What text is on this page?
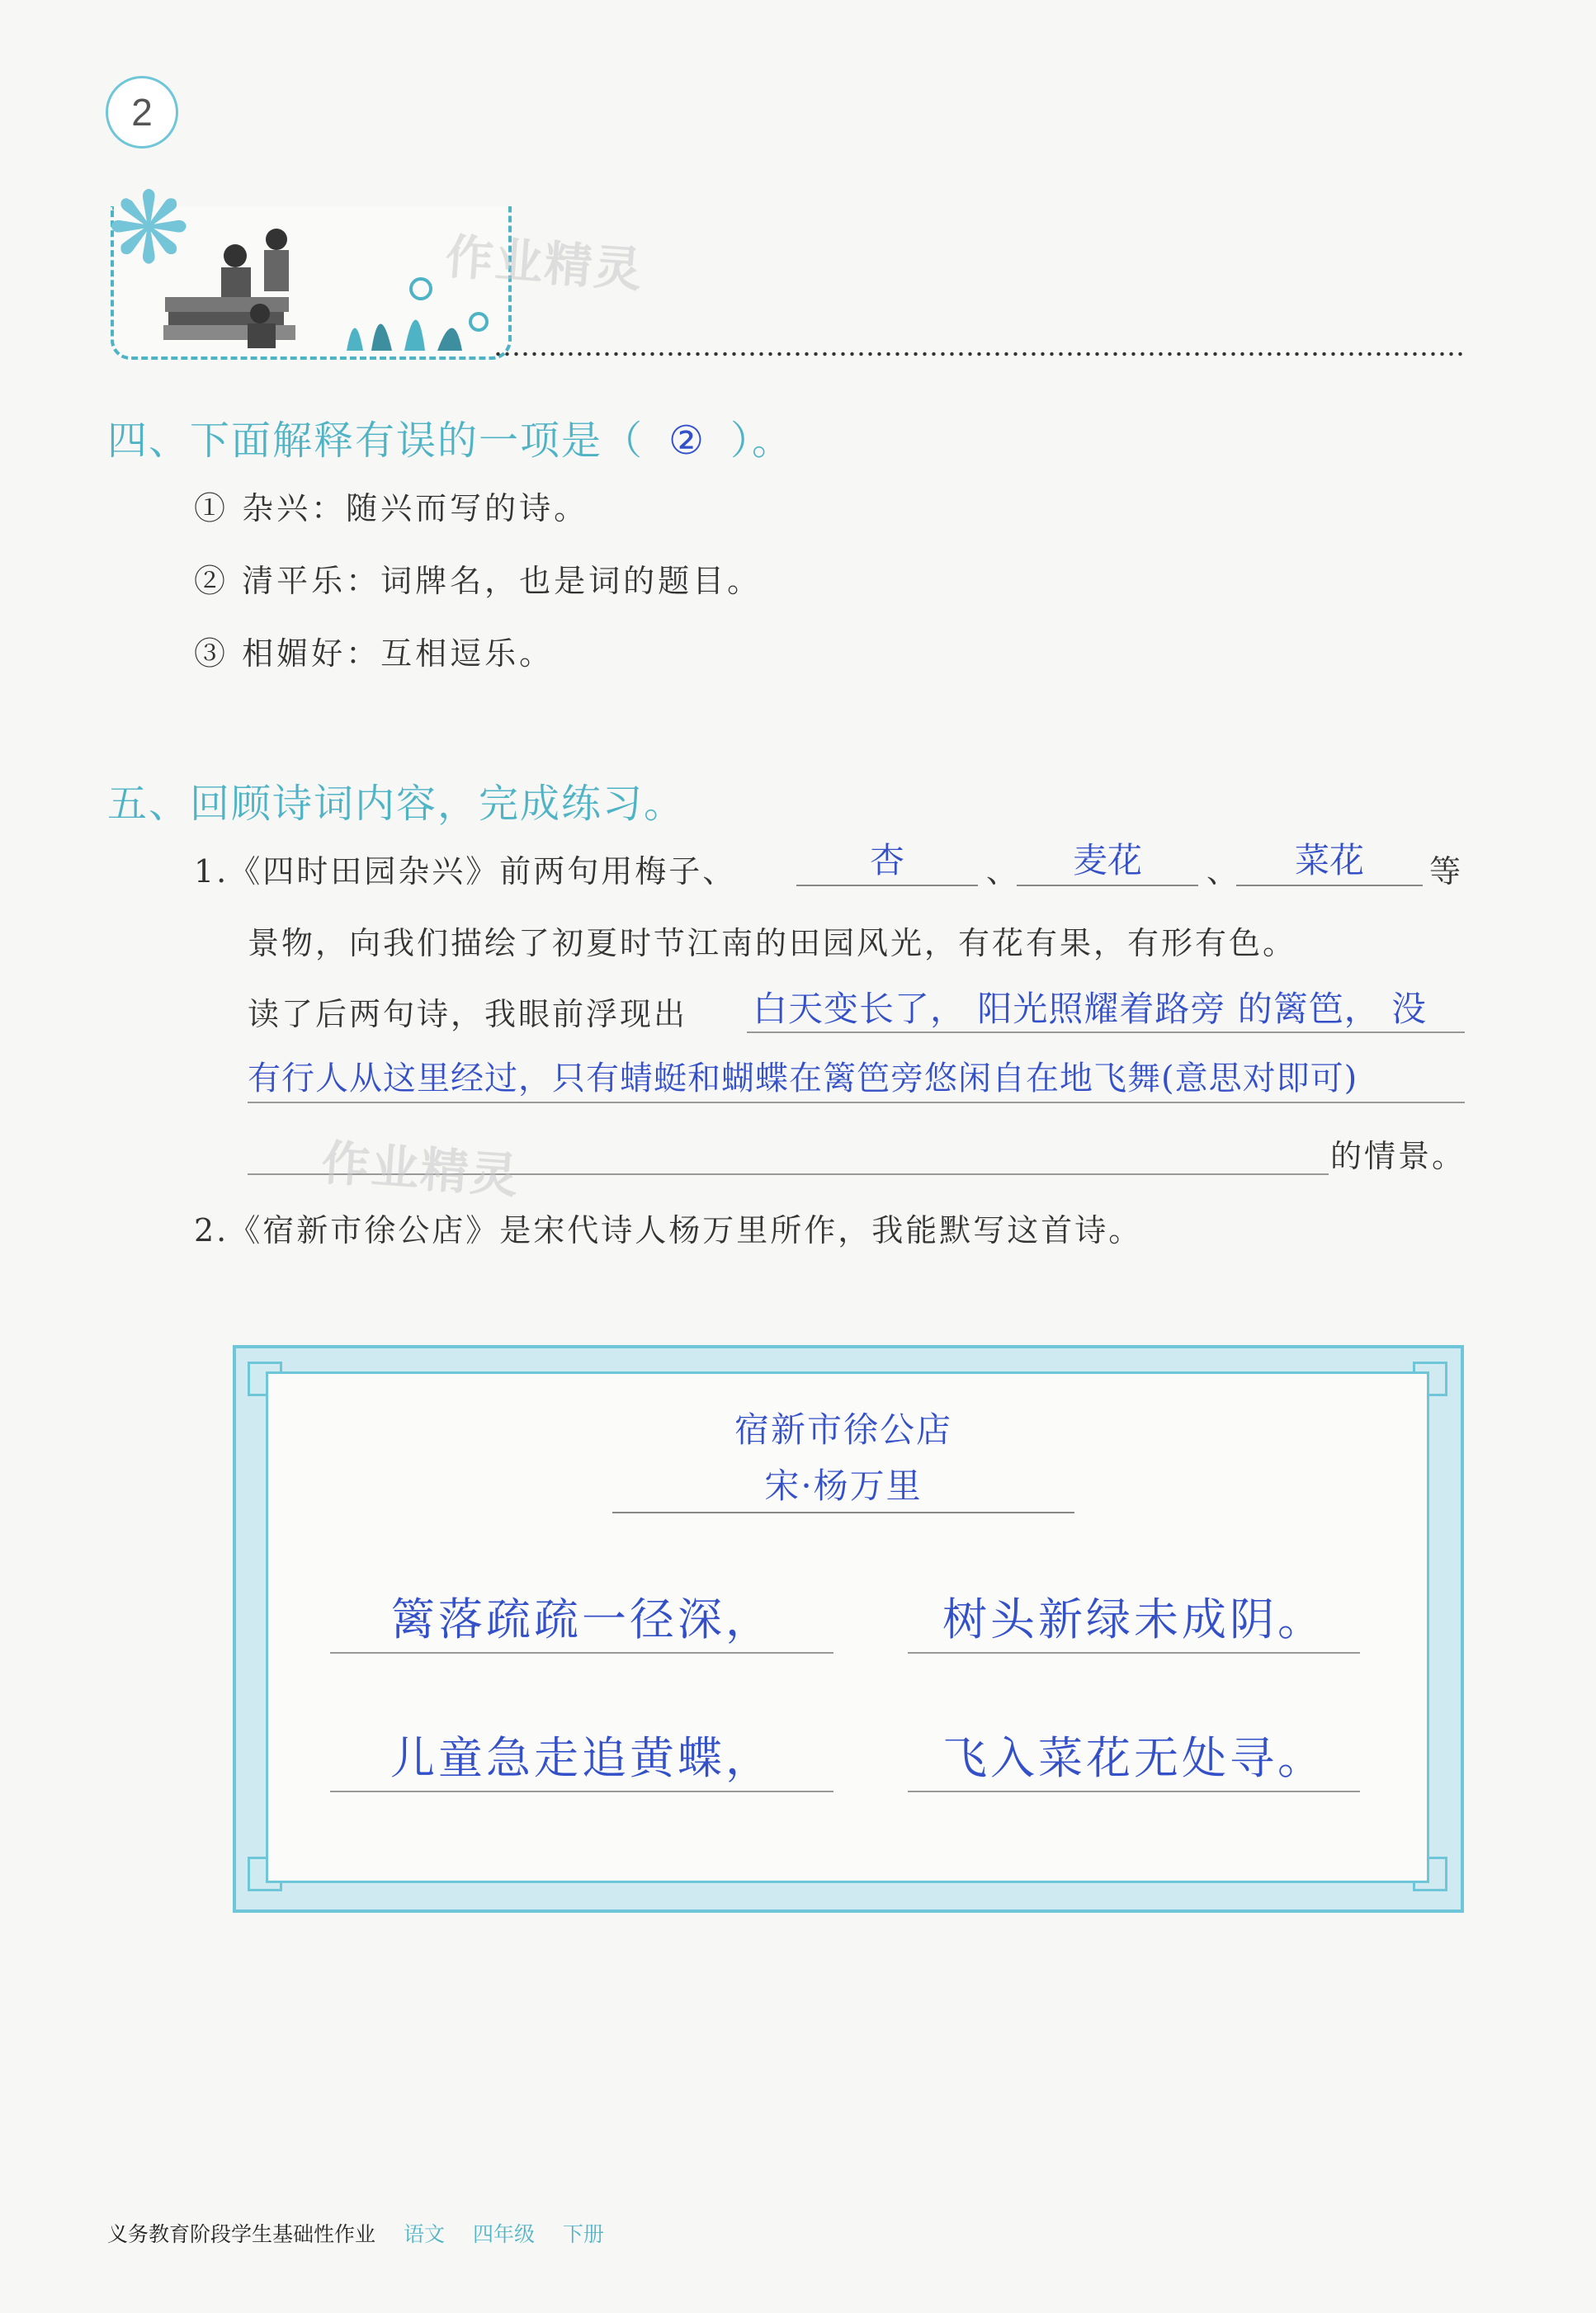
2
❋	作业精灵
四、下面解释有误的一项是（ ② ）。
① 杂兴：随兴而写的诗。
② 清平乐：词牌名，也是词的题目。
③ 相媚好：互相逗乐。
五、回顾诗词内容，完成练习。
1.《四时田园杂兴》前两句用梅子、	杏	、	麦花	、	菜花	等
景物，向我们描绘了初夏时节江南的田园风光，有花有果，有形有色。
读了后两句诗，我眼前浮现出 白天变长了， 阳光照耀着路旁 的篱笆， 没
有行人从这里经过，只有蜻蜓和蝴蝶在篱笆旁悠闲自在地飞舞(意思对即可)
作业精灵	的情景。
2.《宿新市徐公店》是宋代诗人杨万里所作，我能默写这首诗。
宿新市徐公店
宋·杨万里
篱落疏疏一径深，	树头新绿未成阴。
儿童急走追黄蝶，	飞入菜花无处寻。
义务教育阶段学生基础性作业 语文 四年级 下册
